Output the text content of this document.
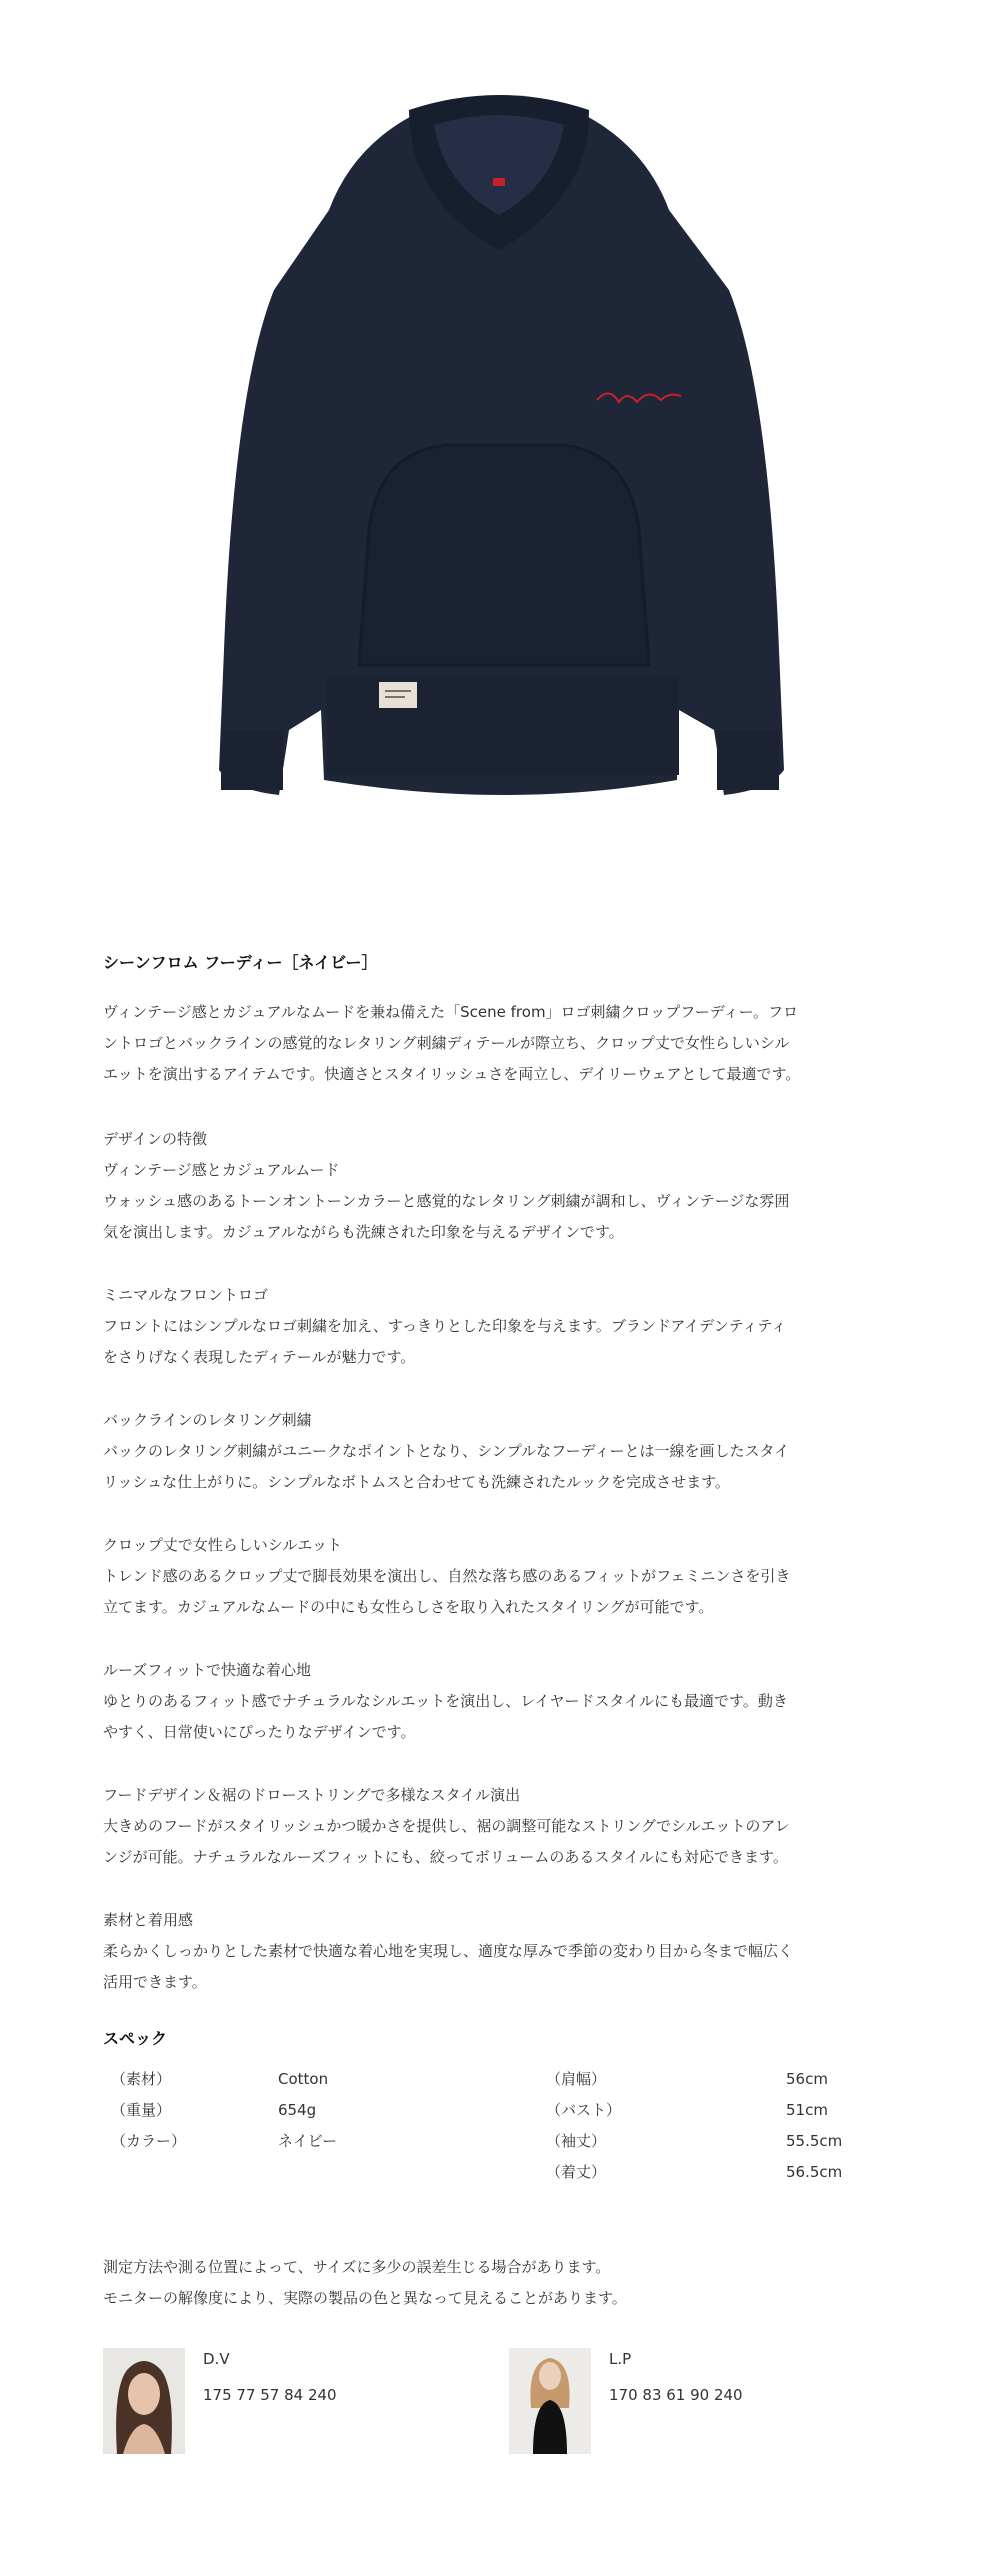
シーンフロム フーディー［ネイビー］
ヴィンテージ感とカジュアルなムードを兼ね備えた「Scene from」ロゴ刺繍クロップフーディー。フロ
ントロゴとバックラインの感覚的なレタリング刺繍ディテールが際立ち、クロップ丈で女性らしいシル
エットを演出するアイテムです。快適さとスタイリッシュさを両立し、デイリーウェアとして最適です。
デザインの特徴
ヴィンテージ感とカジュアルムード
ウォッシュ感のあるトーンオントーンカラーと感覚的なレタリング刺繍が調和し、ヴィンテージな雰囲
気を演出します。カジュアルながらも洗練された印象を与えるデザインです。
ミニマルなフロントロゴ
フロントにはシンプルなロゴ刺繍を加え、すっきりとした印象を与えます。ブランドアイデンティティ
をさりげなく表現したディテールが魅力です。
バックラインのレタリング刺繍
バックのレタリング刺繍がユニークなポイントとなり、シンプルなフーディーとは一線を画したスタイ
リッシュな仕上がりに。シンプルなボトムスと合わせても洗練されたルックを完成させます。
クロップ丈で女性らしいシルエット
トレンド感のあるクロップ丈で脚長効果を演出し、自然な落ち感のあるフィットがフェミニンさを引き
立てます。カジュアルなムードの中にも女性らしさを取り入れたスタイリングが可能です。
ルーズフィットで快適な着心地
ゆとりのあるフィット感でナチュラルなシルエットを演出し、レイヤードスタイルにも最適です。動き
やすく、日常使いにぴったりなデザインです。
フードデザイン＆裾のドローストリングで多様なスタイル演出
大きめのフードがスタイリッシュかつ暖かさを提供し、裾の調整可能なストリングでシルエットのアレ
ンジが可能。ナチュラルなルーズフィットにも、絞ってボリュームのあるスタイルにも対応できます。
素材と着用感
柔らかくしっかりとした素材で快適な着心地を実現し、適度な厚みで季節の変わり目から冬まで幅広く
活用できます。
スペック
（素材）
（重量）
（カラー）
Cotton
654g
ネイビー
（肩幅）
（バスト）
（袖丈）
（着丈）
56cm
51cm
55.5cm
56.5cm
測定方法や測る位置によって、サイズに多少の誤差生じる場合があります。
モニターの解像度により、実際の製品の色と異なって見えることがあります。
D.V
175 77 57 84 240
L.P
170 83 61 90 240
